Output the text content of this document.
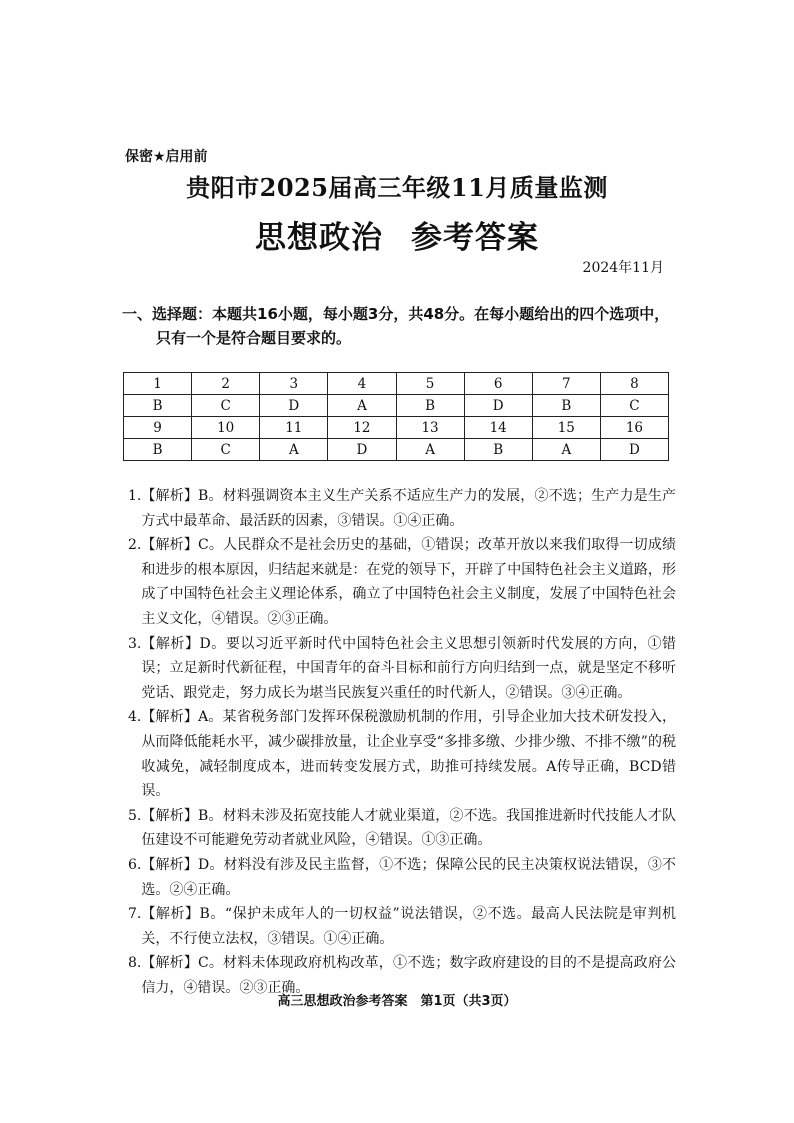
保密★启用前
贵阳市2025届高三年级11月质量监测
思想政治 参考答案
2024年11月
一、选择题：本题共16小题，每小题3分，共48分。在每小题给出的四个选项中，
只有一个是符合题目要求的。
1	2	3	4	5	6	7	8
B	C	D	A	B	D	B	C
9	10	11	12	13	14	15	16
B	C	A	D	A	B	A	D
1. 【解析】B。材料强调资本主义生产关系不适应生产力的发展，②不选；生产力是生产方式中最革命、最活跃的因素，③错误。①④正确。
2. 【解析】C。人民群众不是社会历史的基础，①错误；改革开放以来我们取得一切成绩和进步的根本原因，归结起来就是：在党的领导下，开辟了中国特色社会主义道路，形成了中国特色社会主义理论体系，确立了中国特色社会主义制度，发展了中国特色社会主义文化，④错误。②③正确。
3. 【解析】D。要以习近平新时代中国特色社会主义思想引领新时代发展的方向，①错误；立足新时代新征程，中国青年的奋斗目标和前行方向归结到一点，就是坚定不移听党话、跟党走，努力成长为堪当民族复兴重任的时代新人，②错误。③④正确。
4. 【解析】A。某省税务部门发挥环保税激励机制的作用，引导企业加大技术研发投入，从而降低能耗水平，减少碳排放量，让企业享受“多排多缴、少排少缴、不排不缴”的税收减免，减轻制度成本，进而转变发展方式，助推可持续发展。A传导正确，BCD错误。
5. 【解析】B。材料未涉及拓宽技能人才就业渠道，②不选。我国推进新时代技能人才队伍建设不可能避免劳动者就业风险，④错误。①③正确。
6. 【解析】D。材料没有涉及民主监督，①不选；保障公民的民主决策权说法错误，③不选。②④正确。
7. 【解析】B。“保护未成年人的一切权益”说法错误，②不选。最高人民法院是审判机关，不行使立法权，③错误。①④正确。
8. 【解析】C。材料未体现政府机构改革，①不选；数字政府建设的目的不是提高政府公信力，④错误。②③正确。
高三思想政治参考答案　第1页（共3页）
